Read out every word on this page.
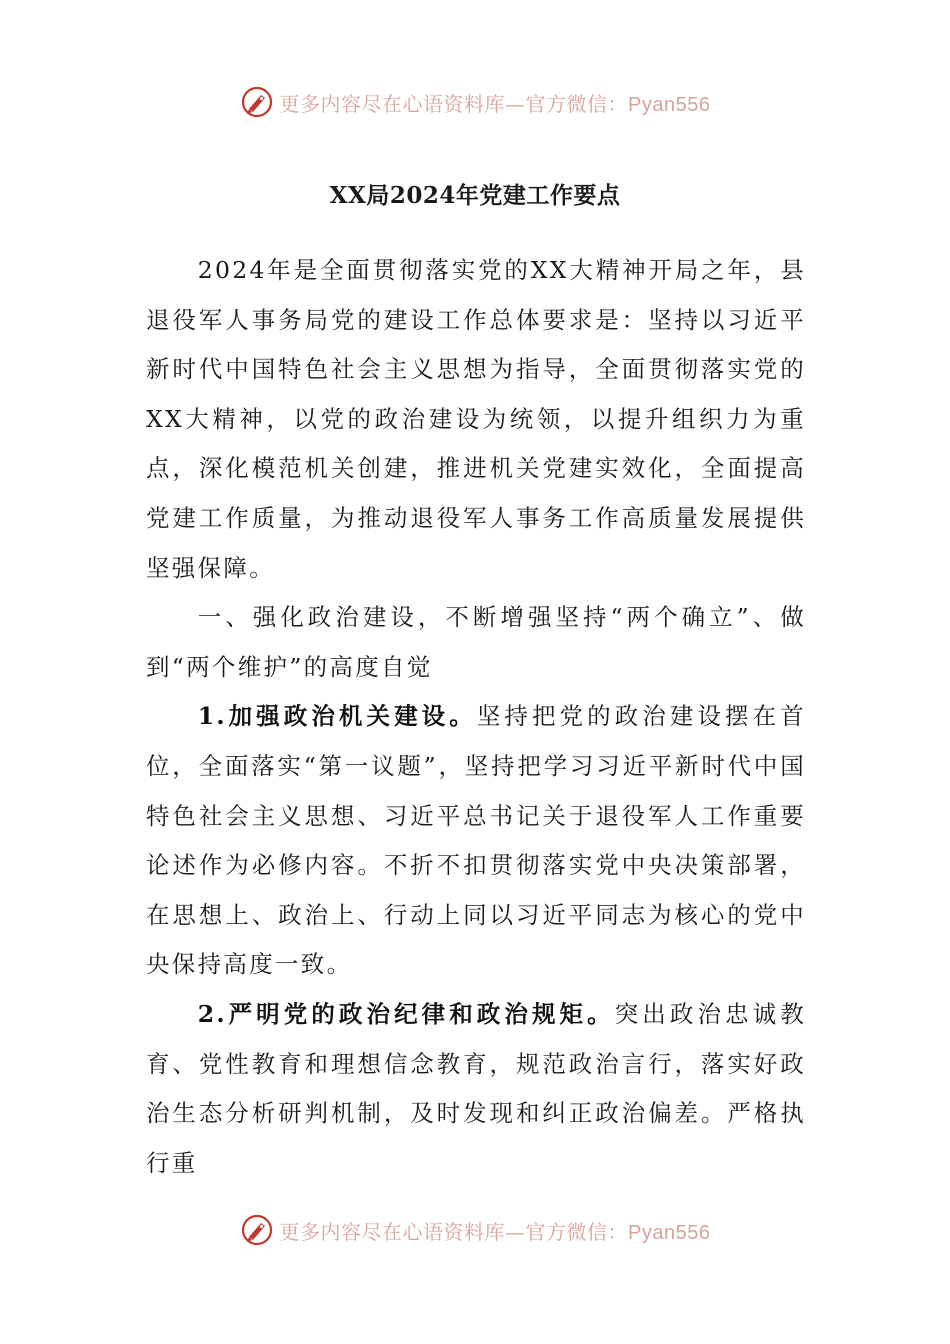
更多内容尽在心语资料库—官方微信：Pyan556
XX局2024年党建工作要点

2024年是全面贯彻落实党的XX大精神开局之年，县退役军人事务局党的建设工作总体要求是：坚持以习近平新时代中国特色社会主义思想为指导，全面贯彻落实党的XX大精神，以党的政治建设为统领，以提升组织力为重点，深化模范机关创建，推进机关党建实效化，全面提高党建工作质量，为推动退役军人事务工作高质量发展提供坚强保障。

一、强化政治建设，不断增强坚持“两个确立”、做到“两个维护”的高度自觉

1.加强政治机关建设。坚持把党的政治建设摆在首位，全面落实“第一议题”，坚持把学习习近平新时代中国特色社会主义思想、习近平总书记关于退役军人工作重要论述作为必修内容。不折不扣贯彻落实党中央决策部署，在思想上、政治上、行动上同以习近平同志为核心的党中央保持高度一致。

2.严明党的政治纪律和政治规矩。突出政治忠诚教育、党性教育和理想信念教育，规范政治言行，落实好政治生态分析研判机制，及时发现和纠正政治偏差。严格执行重

更多内容尽在心语资料库—官方微信：Pyan556
